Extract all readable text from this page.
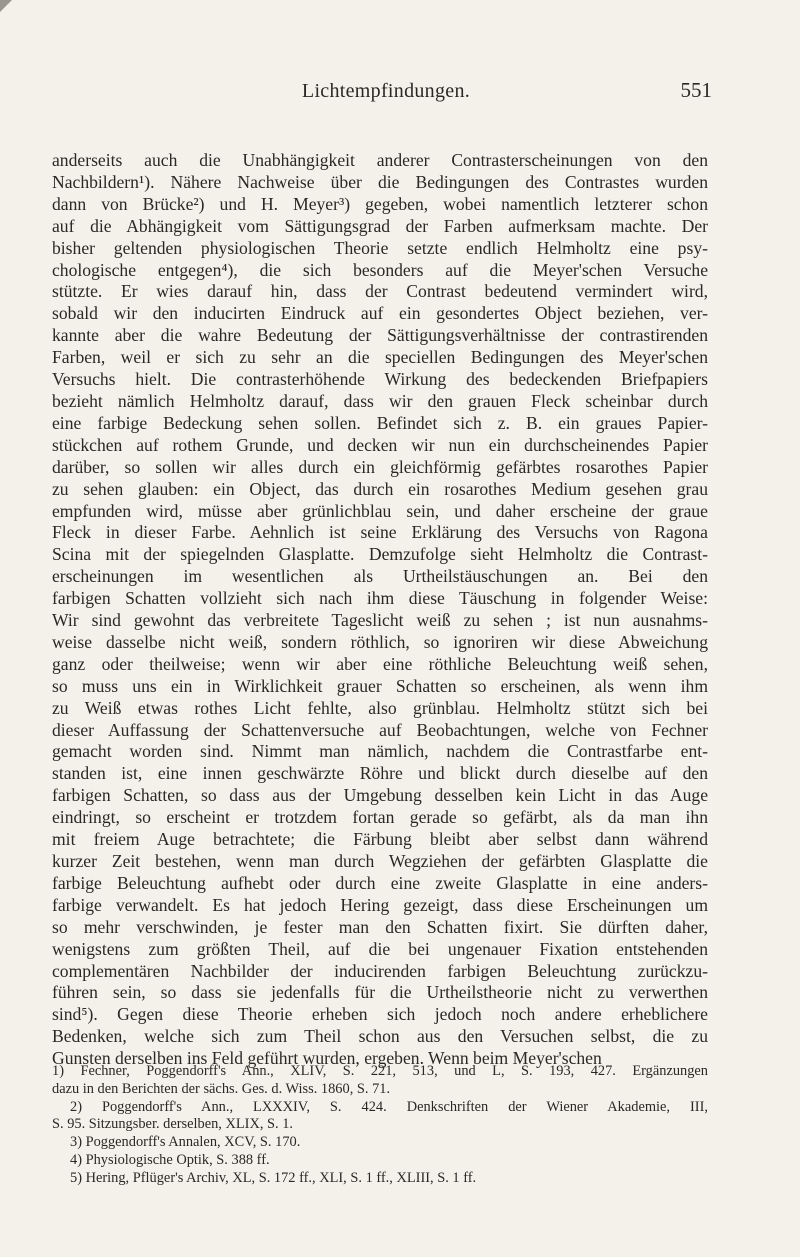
Lichtempfindungen.	551
anderseits auch die Unabhängigkeit anderer Contrasterscheinungen von den
Nachbildern¹). Nähere Nachweise über die Bedingungen des Contrastes wurden
dann von Brücke²) und H. Meyer³) gegeben, wobei namentlich letzterer schon
auf die Abhängigkeit vom Sättigungsgrad der Farben aufmerksam machte. Der
bisher geltenden physiologischen Theorie setzte endlich Helmholtz eine psy-
chologische entgegen⁴), die sich besonders auf die Meyer'schen Versuche
stützte. Er wies darauf hin, dass der Contrast bedeutend vermindert wird,
sobald wir den inducirten Eindruck auf ein gesondertes Object beziehen, ver-
kannte aber die wahre Bedeutung der Sättigungsverhältnisse der contrastirenden
Farben, weil er sich zu sehr an die speciellen Bedingungen des Meyer'schen
Versuchs hielt. Die contrasterhöhende Wirkung des bedeckenden Briefpapiers
bezieht nämlich Helmholtz darauf, dass wir den grauen Fleck scheinbar durch
eine farbige Bedeckung sehen sollen. Befindet sich z. B. ein graues Papier-
stückchen auf rothem Grunde, und decken wir nun ein durchscheinendes Papier
darüber, so sollen wir alles durch ein gleichförmig gefärbtes rosarothes Papier
zu sehen glauben: ein Object, das durch ein rosarothes Medium gesehen grau
empfunden wird, müsse aber grünlichblau sein, und daher erscheine der graue
Fleck in dieser Farbe. Aehnlich ist seine Erklärung des Versuchs von Ragona
Scina mit der spiegelnden Glasplatte. Demzufolge sieht Helmholtz die Contrast-
erscheinungen im wesentlichen als Urtheilstäuschungen an. Bei den
farbigen Schatten vollzieht sich nach ihm diese Täuschung in folgender Weise:
Wir sind gewohnt das verbreitete Tageslicht weiß zu sehen ; ist nun ausnahms-
weise dasselbe nicht weiß, sondern röthlich, so ignoriren wir diese Abweichung
ganz oder theilweise; wenn wir aber eine röthliche Beleuchtung weiß sehen,
so muss uns ein in Wirklichkeit grauer Schatten so erscheinen, als wenn ihm
zu Weiß etwas rothes Licht fehlte, also grünblau. Helmholtz stützt sich bei
dieser Auffassung der Schattenversuche auf Beobachtungen, welche von Fechner
gemacht worden sind. Nimmt man nämlich, nachdem die Contrastfarbe ent-
standen ist, eine innen geschwärzte Röhre und blickt durch dieselbe auf den
farbigen Schatten, so dass aus der Umgebung desselben kein Licht in das Auge
eindringt, so erscheint er trotzdem fortan gerade so gefärbt, als da man ihn
mit freiem Auge betrachtete; die Färbung bleibt aber selbst dann während
kurzer Zeit bestehen, wenn man durch Wegziehen der gefärbten Glasplatte die
farbige Beleuchtung aufhebt oder durch eine zweite Glasplatte in eine anders-
farbige verwandelt. Es hat jedoch Hering gezeigt, dass diese Erscheinungen um
so mehr verschwinden, je fester man den Schatten fixirt. Sie dürften daher,
wenigstens zum größten Theil, auf die bei ungenauer Fixation entstehenden
complementären Nachbilder der inducirenden farbigen Beleuchtung zurückzu-
führen sein, so dass sie jedenfalls für die Urtheilstheorie nicht zu verwerthen
sind⁵). Gegen diese Theorie erheben sich jedoch noch andere erheblichere
Bedenken, welche sich zum Theil schon aus den Versuchen selbst, die zu
Gunsten derselben ins Feld geführt wurden, ergeben. Wenn beim Meyer'schen
1) Fechner, Poggendorff's Ann., XLIV, S. 221, 513, und L, S. 193, 427. Ergänzungen
dazu in den Berichten der sächs. Ges. d. Wiss. 1860, S. 71.
2) Poggendorff's Ann., LXXXIV, S. 424. Denkschriften der Wiener Akademie, III,
S. 95. Sitzungsber. derselben, XLIX, S. 1.
3) Poggendorff's Annalen, XCV, S. 170.
4) Physiologische Optik, S. 388 ff.
5) Hering, Pflüger's Archiv, XL, S. 172 ff., XLI, S. 1 ff., XLIII, S. 1 ff.
